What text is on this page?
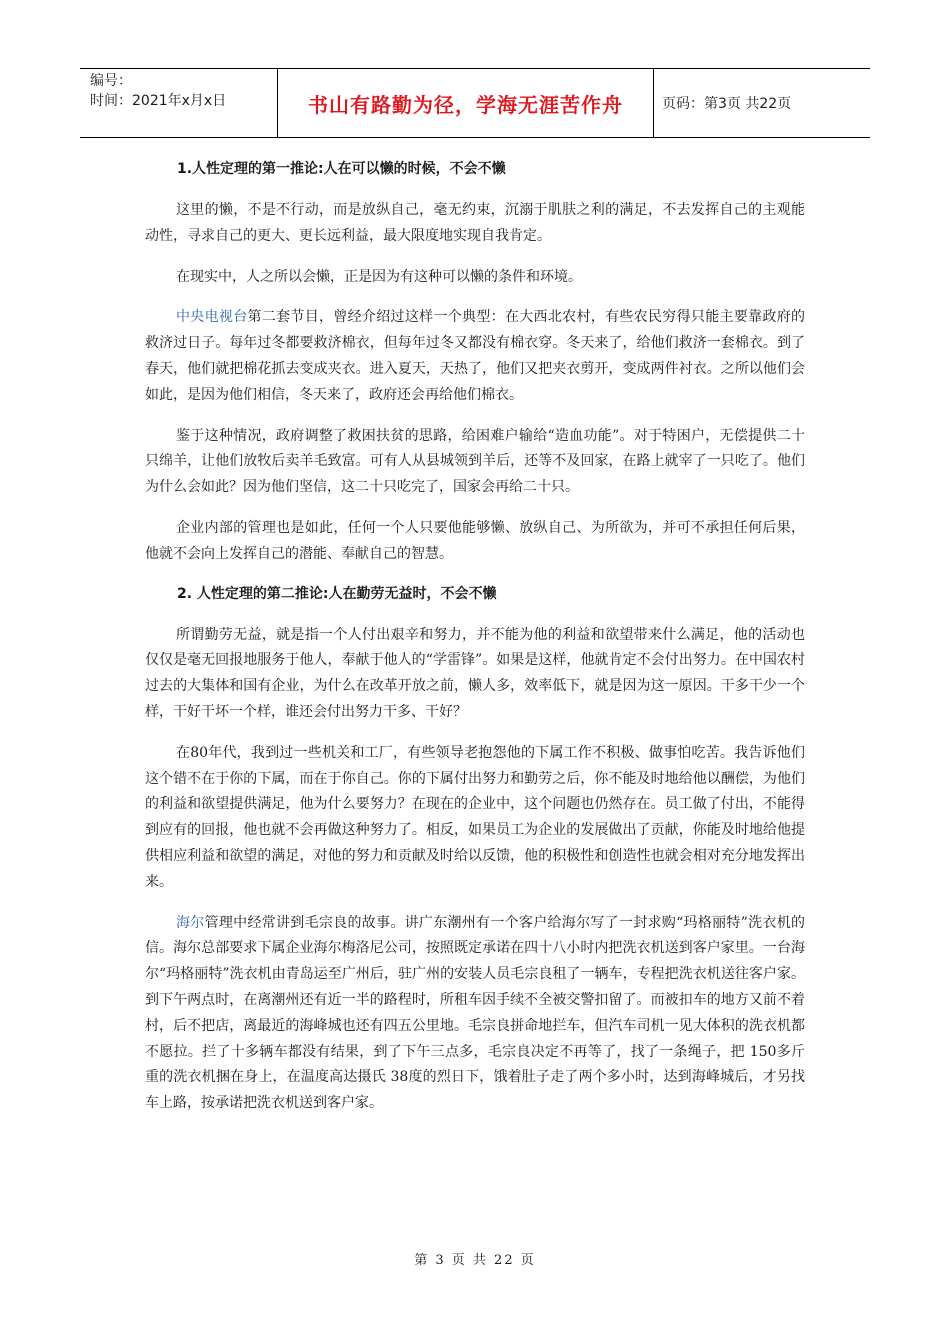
编号：
时间：2021年x月x日	书山有路勤为径，学海无涯苦作舟	页码：第3页 共22页
1.人性定理的第一推论:人在可以懒的时候，不会不懒

这里的懒，不是不行动，而是放纵自己，毫无约束，沉溺于肌肤之利的满足，不去发挥自己的主观能动性，寻求自己的更大、更长远利益，最大限度地实现自我肯定。

在现实中，人之所以会懒，正是因为有这种可以懒的条件和环境。

中央电视台第二套节目，曾经介绍过这样一个典型：在大西北农村，有些农民穷得只能主要靠政府的救济过日子。每年过冬都要救济棉衣，但每年过冬又都没有棉衣穿。冬天来了，给他们救济一套棉衣。到了春天，他们就把棉花抓去变成夹衣。进入夏天，天热了，他们又把夹衣剪开，变成两件衬衣。之所以他们会如此，是因为他们相信，冬天来了，政府还会再给他们棉衣。

鉴于这种情况，政府调整了救困扶贫的思路，给困难户输给“造血功能”。对于特困户，无偿提供二十只绵羊，让他们放牧后卖羊毛致富。可有人从县城领到羊后，还等不及回家，在路上就宰了一只吃了。他们为什么会如此？因为他们坚信，这二十只吃完了，国家会再给二十只。

企业内部的管理也是如此，任何一个人只要他能够懒、放纵自己、为所欲为，并可不承担任何后果，他就不会向上发挥自己的潜能、奉献自己的智慧。

2. 人性定理的第二推论:人在勤劳无益时，不会不懒

所谓勤劳无益，就是指一个人付出艰辛和努力，并不能为他的利益和欲望带来什么满足，他的活动也仅仅是毫无回报地服务于他人，奉献于他人的“学雷锋”。如果是这样，他就肯定不会付出努力。在中国农村过去的大集体和国有企业，为什么在改革开放之前，懒人多，效率低下，就是因为这一原因。干多干少一个样，干好干坏一个样，谁还会付出努力干多、干好？

在80年代，我到过一些机关和工厂，有些领导老抱怨他的下属工作不积极、做事怕吃苦。我告诉他们这个错不在于你的下属，而在于你自己。你的下属付出努力和勤劳之后，你不能及时地给他以酬偿，为他们的利益和欲望提供满足，他为什么要努力？在现在的企业中，这个问题也仍然存在。员工做了付出，不能得到应有的回报，他也就不会再做这种努力了。相反，如果员工为企业的发展做出了贡献，你能及时地给他提供相应利益和欲望的满足，对他的努力和贡献及时给以反馈，他的积极性和创造性也就会相对充分地发挥出来。

海尔管理中经常讲到毛宗良的故事。讲广东潮州有一个客户给海尔写了一封求购“玛格丽特”洗衣机的信。海尔总部要求下属企业海尔梅洛尼公司，按照既定承诺在四十八小时内把洗衣机送到客户家里。一台海尔“玛格丽特”洗衣机由青岛运至广州后，驻广州的安装人员毛宗良租了一辆车，专程把洗衣机送往客户家。到下午两点时，在离潮州还有近一半的路程时，所租车因手续不全被交警扣留了。而被扣车的地方又前不着村，后不把店，离最近的海峰城也还有四五公里地。毛宗良拼命地拦车，但汽车司机一见大体积的洗衣机都不愿拉。拦了十多辆车都没有结果，到了下午三点多，毛宗良决定不再等了，找了一条绳子，把 150多斤重的洗衣机捆在身上，在温度高达摄氏 38度的烈日下，饿着肚子走了两个多小时，达到海峰城后，才另找车上路，按承诺把洗衣机送到客户家。

第 3 页 共 22 页
